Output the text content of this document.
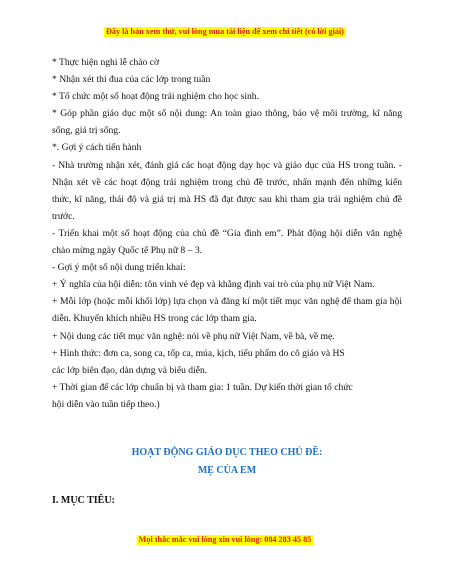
Đây là bản xem thử, vui lòng mua tài liệu để xem chi tiết (có lời giải)

* Thực hiện nghi lễ chào cờ

* Nhận xét thi đua của các lớp trong tuần

* Tổ chức một số hoạt động trải nghiệm cho học sinh.

* Góp phần giáo dục một số nội dung: An toàn giao thông, bảo vệ môi trường, kĩ năng sống, giá trị sống.

*. Gợi ý cách tiến hành

- Nhà trường nhận xét, đánh giá các hoạt động dạy học và giáo dục của HS trong tuần. - Nhận xét về các hoạt động trải nghiệm trong chủ đề trước, nhấn mạnh đến những kiến thức, kĩ năng, thái độ và giá trị mà HS đã đạt được sau khi tham gia trải nghiệm chủ đề trước.

- Triển khai một số hoạt động của chủ đề “Gia đình em”. Phát động hội diễn văn nghệ chào mừng ngày Quốc tế Phụ nữ 8 – 3.

- Gợi ý một số nội dung triển khai:

+ Ý nghĩa của hội diễn: tôn vinh vẻ đẹp và khẳng định vai trò của phụ nữ Việt Nam.

+ Mỗi lớp (hoặc mỗi khối lớp) lựa chọn và đăng kí một tiết mục văn nghệ để tham gia hội diễn. Khuyến khích nhiều HS trong các lớp tham gia.

+ Nội dung các tiết mục văn nghệ: nói về phụ nữ Việt Nam, về bà, về mẹ.

+ Hình thức: đơn ca, song ca, tốp ca, múa, kịch, tiểu phẩm do cô giáo và HS

các lớp biên đạo, dàn dựng và biểu diễn.

+ Thời gian để các lớp chuẩn bị và tham gia: 1 tuần. Dự kiến thời gian tổ chức

hội diễn vào tuần tiếp theo.)

HOẠT ĐỘNG GIÁO DỤC THEO CHỦ ĐỀ:
MẸ CỦA EM
I. MỤC TIÊU:
Mọi thắc mắc vui lòng xin vui lòng: 084 283 45 85
